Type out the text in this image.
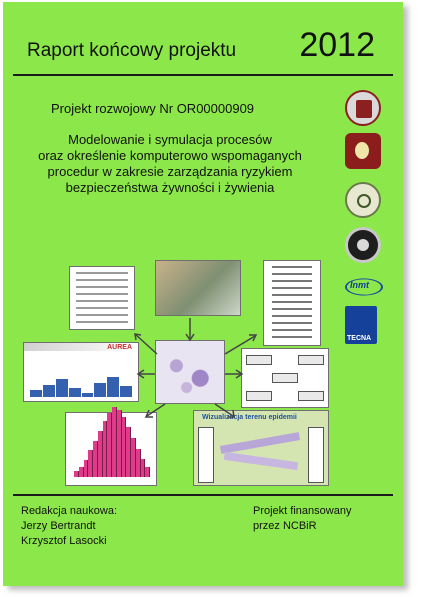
Raport końcowy projektu 2012
Projekt rozwojowy Nr OR00000909
Modelowanie i symulacja procesów
oraz określenie komputerowo wspomaganych
procedur w zakresie zarządzania ryzykiem
bezpieczeństwa żywności i żywienia
Inmt
TECNA
AUREA
Wizualizacja terenu epidemii
Redakcja naukowa:
Jerzy Bertrandt
Krzysztof Lasocki
Projekt finansowany
przez NCBiR
